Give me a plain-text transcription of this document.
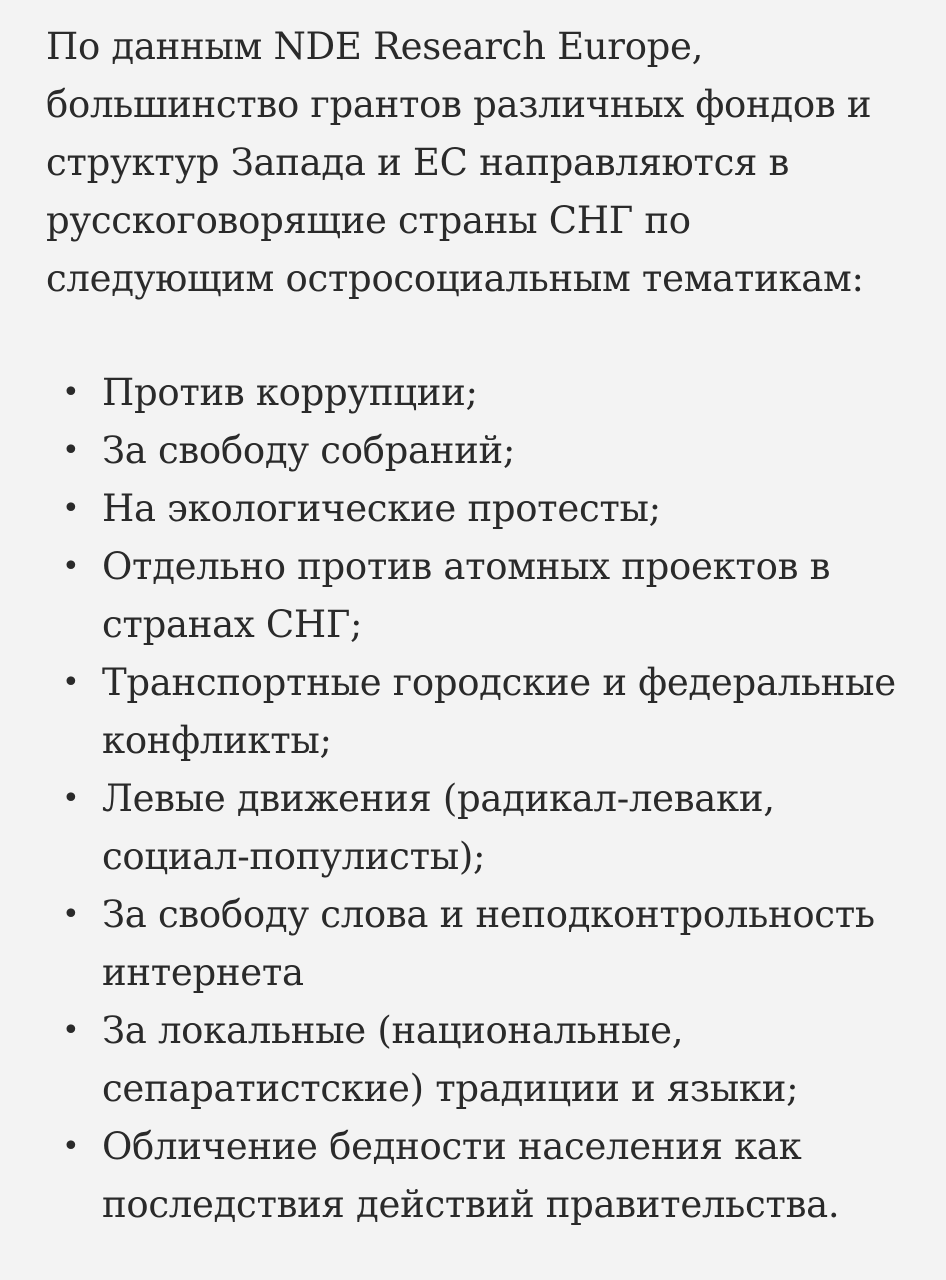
По данным NDE Research Europe, большинство грантов различных фондов и структур Запада и ЕС направляются в русскоговорящие страны СНГ по следующим остросоциальным тематикам:

• Против коррупции;
• За свободу собраний;
• На экологические протесты;
• Отдельно против атомных проектов в странах СНГ;
• Транспортные городские и федеральные конфликты;
• Левые движения (радикал-леваки, социал-популисты);
• За свободу слова и неподконтрольность интернета
• За локальные (национальные, сепаратистские) традиции и языки;
• Обличение бедности населения как последствия действий правительства.
